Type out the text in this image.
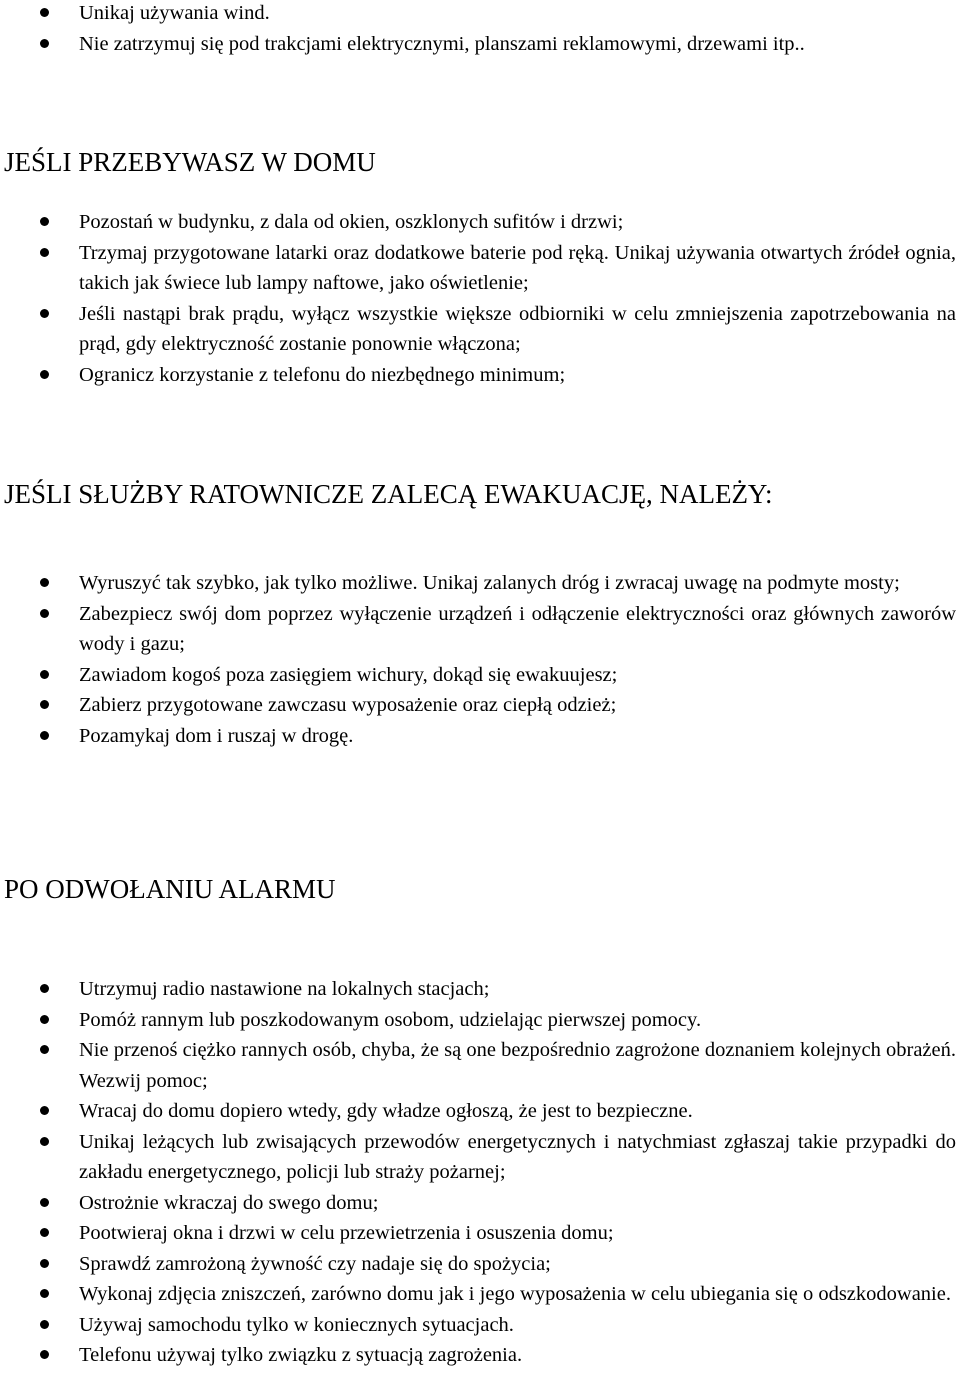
Unikaj używania wind.
Nie zatrzymuj się pod trakcjami elektrycznymi, planszami reklamowymi, drzewami itp..
JEŚLI PRZEBYWASZ W DOMU
Pozostań w budynku, z dala od okien, oszklonych sufitów i drzwi;
Trzymaj przygotowane latarki oraz dodatkowe baterie pod ręką. Unikaj używania otwartych źródeł ognia, takich jak świece lub lampy naftowe, jako oświetlenie;
Jeśli nastąpi brak prądu, wyłącz wszystkie większe odbiorniki w celu zmniejszenia zapotrzebowania na prąd, gdy elektryczność zostanie ponownie włączona;
Ogranicz korzystanie z telefonu do niezbędnego minimum;
JEŚLI SŁUŻBY RATOWNICZE ZALECĄ EWAKUACJĘ, NALEŻY:
Wyruszyć tak szybko, jak tylko możliwe. Unikaj zalanych dróg i zwracaj uwagę na podmyte mosty;
Zabezpiecz swój dom poprzez wyłączenie urządzeń i odłączenie elektryczności oraz głównych zaworów wody i gazu;
Zawiadom kogoś poza zasięgiem wichury, dokąd się ewakuujesz;
Zabierz przygotowane zawczasu wyposażenie oraz ciepłą odzież;
Pozamykaj dom i ruszaj w drogę.
PO ODWOŁANIU ALARMU
Utrzymuj radio nastawione na lokalnych stacjach;
Pomóż rannym lub poszkodowanym osobom, udzielając pierwszej pomocy.
Nie przenoś ciężko rannych osób, chyba, że są one bezpośrednio zagrożone doznaniem kolejnych obrażeń. Wezwij pomoc;
Wracaj do domu dopiero wtedy, gdy władze ogłoszą, że jest to bezpieczne.
Unikaj leżących lub zwisających przewodów energetycznych i natychmiast zgłaszaj takie przypadki do zakładu energetycznego, policji lub straży pożarnej;
Ostrożnie wkraczaj do swego domu;
Pootwieraj okna i drzwi w celu przewietrzenia i osuszenia domu;
Sprawdź zamrożoną żywność czy nadaje się do spożycia;
Wykonaj zdjęcia zniszczeń, zarówno domu jak i jego wyposażenia w celu ubiegania się o odszkodowanie.
Używaj samochodu tylko w koniecznych sytuacjach.
Telefonu używaj tylko związku z sytuacją zagrożenia.
